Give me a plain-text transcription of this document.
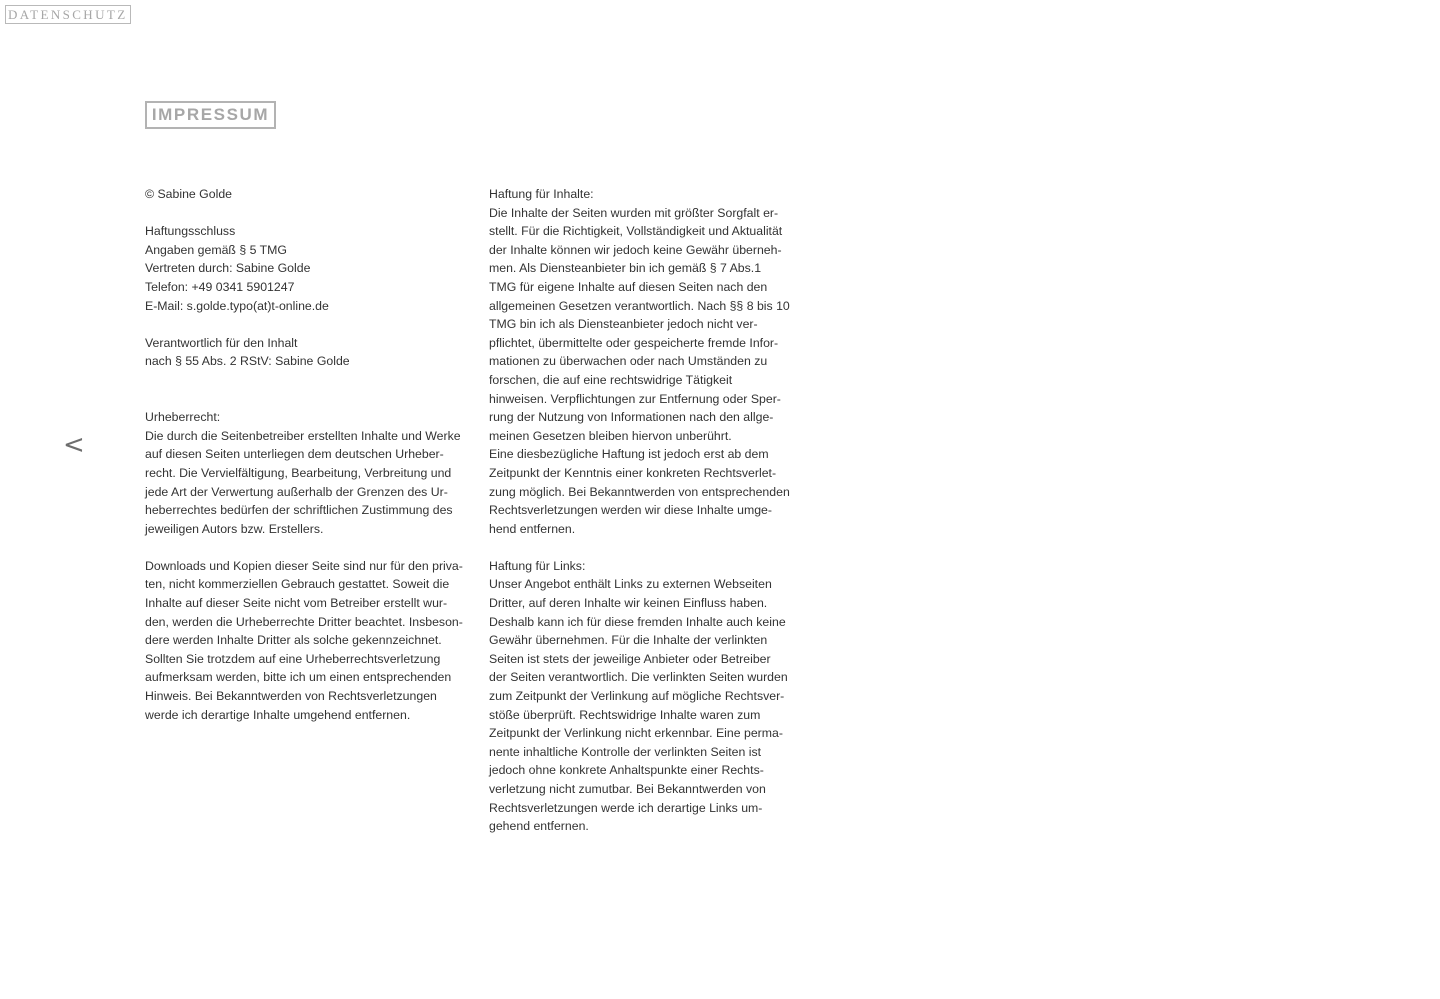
DATENSCHUTZ
IMPRESSUM
<
© Sabine Golde
Haftungsschluss
Angaben gemäß § 5 TMG
Vertreten durch: Sabine Golde
Telefon: +49 0341 5901247
E-Mail: s.golde.typo(at)t-online.de
Verantwortlich für den Inhalt
nach § 55 Abs. 2 RStV: Sabine Golde
Urheberrecht:
Die durch die Seitenbetreiber erstellten Inhalte und Werke
auf diesen Seiten unterliegen dem deutschen Urheber-
recht. Die Vervielfältigung, Bearbeitung, Verbreitung und
jede Art der Verwertung außerhalb der Grenzen des Ur-
heberrechtes bedürfen der schriftlichen Zustimmung des
jeweiligen Autors bzw. Erstellers.
Downloads und Kopien dieser Seite sind nur für den priva-
ten, nicht kommerziellen Gebrauch gestattet. Soweit die
Inhalte auf dieser Seite nicht vom Betreiber erstellt wur-
den, werden die Urheberrechte Dritter beachtet. Insbeson-
dere werden Inhalte Dritter als solche gekennzeichnet.
Sollten Sie trotzdem auf eine Urheberrechtsverletzung
aufmerksam werden, bitte ich um einen entsprechenden
Hinweis. Bei Bekanntwerden von Rechtsverletzungen
werde ich derartige Inhalte umgehend entfernen.
Haftung für Inhalte:
Die Inhalte der Seiten wurden mit größter Sorgfalt er-
stellt. Für die Richtigkeit, Vollständigkeit und Aktualität
der Inhalte können wir jedoch keine Gewähr überneh-
men. Als Diensteanbieter bin ich gemäß § 7 Abs.1
TMG für eigene Inhalte auf diesen Seiten nach den
allgemeinen Gesetzen verantwortlich. Nach §§ 8 bis 10
TMG bin ich als Diensteanbieter jedoch nicht ver-
pflichtet, übermittelte oder gespeicherte fremde Infor-
mationen zu überwachen oder nach Umständen zu
forschen, die auf eine rechtswidrige Tätigkeit
hinweisen. Verpflichtungen zur Entfernung oder Sper-
rung der Nutzung von Informationen nach den allge-
meinen Gesetzen bleiben hiervon unberührt.
Eine diesbezügliche Haftung ist jedoch erst ab dem
Zeitpunkt der Kenntnis einer konkreten Rechtsverlet-
zung möglich. Bei Bekanntwerden von entsprechenden
Rechtsverletzungen werden wir diese Inhalte umge-
hend entfernen.
Haftung für Links:
Unser Angebot enthält Links zu externen Webseiten
Dritter, auf deren Inhalte wir keinen Einfluss haben.
Deshalb kann ich für diese fremden Inhalte auch keine
Gewähr übernehmen. Für die Inhalte der verlinkten
Seiten ist stets der jeweilige Anbieter oder Betreiber
der Seiten verantwortlich. Die verlinkten Seiten wurden
zum Zeitpunkt der Verlinkung auf mögliche Rechtsver-
stöße überprüft. Rechtswidrige Inhalte waren zum
Zeitpunkt der Verlinkung nicht erkennbar. Eine perma-
nente inhaltliche Kontrolle der verlinkten Seiten ist
jedoch ohne konkrete Anhaltspunkte einer Rechts-
verletzung nicht zumutbar. Bei Bekanntwerden von
Rechtsverletzungen werde ich derartige Links um-
gehend entfernen.
